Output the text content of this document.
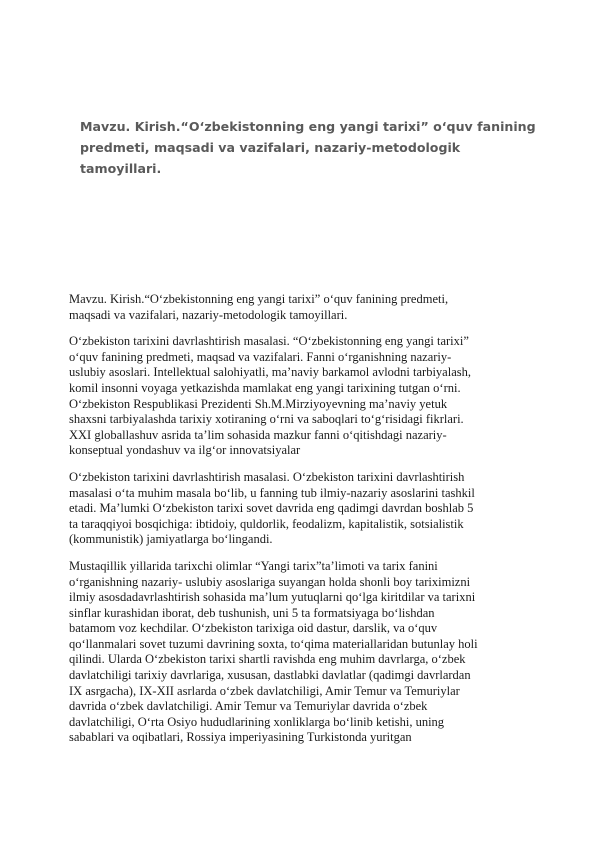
Mavzu. Kirish.“O‘zbekistonning eng yangi tarixi” o‘quv fanining
predmeti, maqsadi va vazifalari, nazariy-metodologik
tamoyillari.

Mavzu. Kirish.“O‘zbekistonning eng yangi tarixi” o‘quv fanining predmeti,
maqsadi va vazifalari, nazariy-metodologik tamoyillari.

O‘zbekiston tarixini davrlashtirish masalasi. “O‘zbekistonning eng yangi tarixi”
o‘quv fanining predmeti, maqsad va vazifalari. Fanni o‘rganishning nazariy-
uslubiy asoslari. Intellektual salohiyatli, ma’naviy barkamol avlodni tarbiyalash,
komil insonni voyaga yetkazishda mamlakat eng yangi tarixining tutgan o‘rni.
O‘zbekiston Respublikasi Prezidenti Sh.M.Mirziyoyevning ma’naviy yetuk
shaxsni tarbiyalashda tarixiy xotiraning o‘rni va saboqlari to‘g‘risidagi fikrlari.
XXI globallashuv asrida ta’lim sohasida mazkur fanni o‘qitishdagi nazariy-
konseptual yondashuv va ilg‘or innovatsiyalar

O‘zbekiston tarixini davrlashtirish masalasi. O‘zbekiston tarixini davrlashtirish
masalasi o‘ta muhim masala bo‘lib, u fanning tub ilmiy-nazariy asoslarini tashkil
etadi. Ma’lumki O‘zbekiston tarixi sovet davrida eng qadimgi davrdan boshlab 5
ta taraqqiyoi bosqichiga: ibtidoiy, quldorlik, feodalizm, kapitalistik, sotsialistik
(kommunistik) jamiyatlarga bo‘lingandi.

Mustaqillik yillarida tarixchi olimlar “Yangi tarix”ta’limoti va tarix fanini
o‘rganishning nazariy- uslubiy asoslariga suyangan holda shonli boy tariximizni
ilmiy asosdadavrlashtirish sohasida ma’lum yutuqlarni qo‘lga kiritdilar va tarixni
sinflar kurashidan iborat, deb tushunish, uni 5 ta formatsiyaga bo‘lishdan
batamom voz kechdilar. O‘zbekiston tarixiga oid dastur, darslik, va o‘quv
qo‘llanmalari sovet tuzumi davrining soxta, to‘qima materiallaridan butunlay holi
qilindi. Ularda O‘zbekiston tarixi shartli ravishda eng muhim davrlarga, o‘zbek
davlatchiligi tarixiy davrlariga, xususan, dastlabki davlatlar (qadimgi davrlardan
IX asrgacha), IX-XII asrlarda o‘zbek davlatchiligi, Amir Temur va Temuriylar
davrida o‘zbek davlatchiligi. Amir Temur va Temuriylar davrida o‘zbek
davlatchiligi, O‘rta Osiyo hududlarining xonliklarga bo‘linib ketishi, uning
sabablari va oqibatlari, Rossiya imperiyasining Turkistonda yuritgan
